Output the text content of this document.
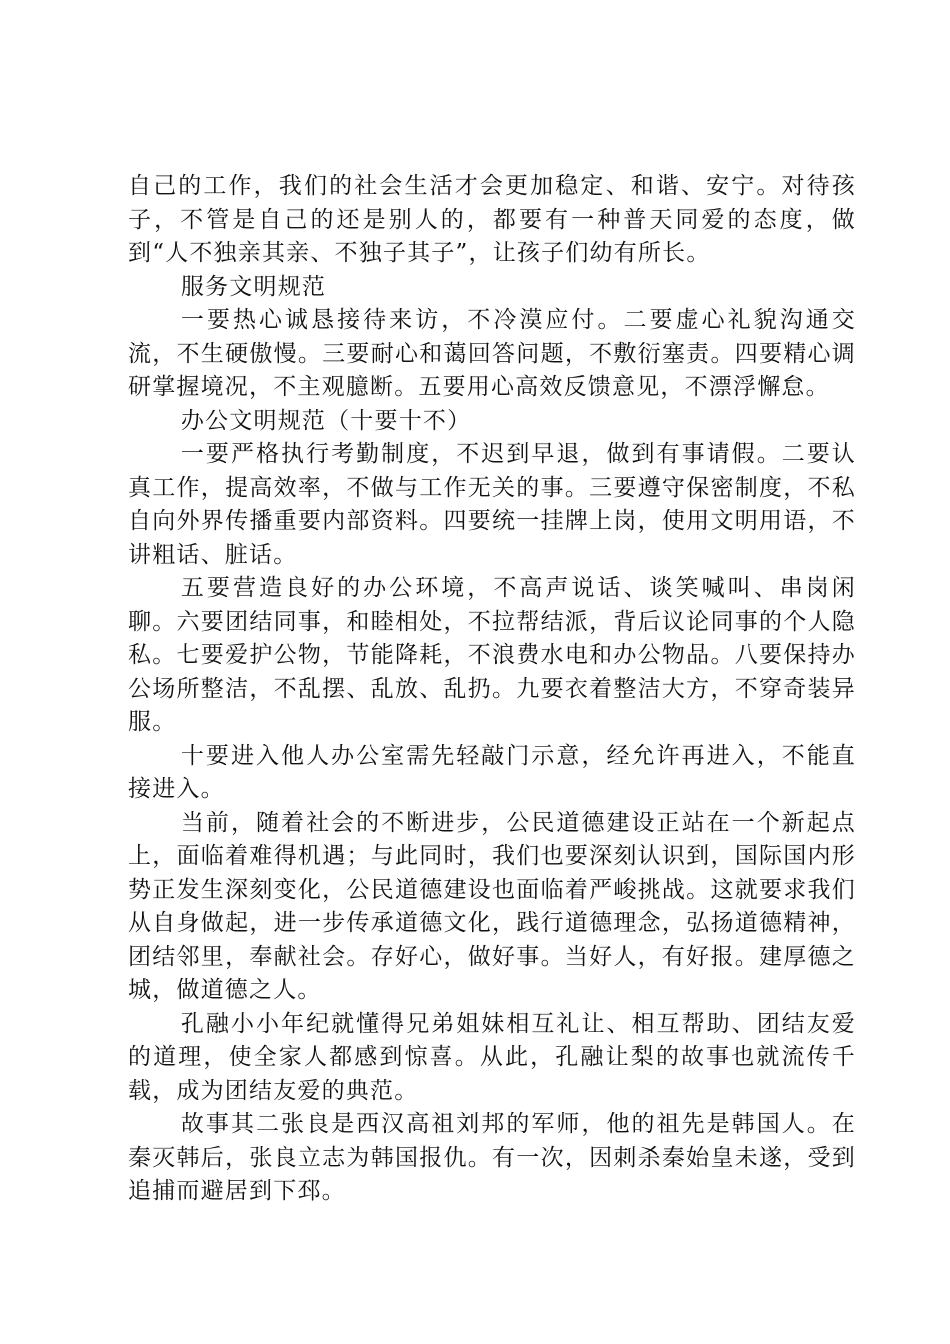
自己的工作，我们的社会生活才会更加稳定、和谐、安宁。对待孩子，不管是自己的还是别人的，都要有一种普天同爱的态度，做到“人不独亲其亲、不独子其子”，让孩子们幼有所长。

服务文明规范

一要热心诚恳接待来访，不冷漠应付。二要虚心礼貌沟通交流，不生硬傲慢。三要耐心和蔼回答问题，不敷衍塞责。四要精心调研掌握境况，不主观臆断。五要用心高效反馈意见，不漂浮懈怠。

办公文明规范（十要十不）

一要严格执行考勤制度，不迟到早退，做到有事请假。二要认真工作，提高效率，不做与工作无关的事。三要遵守保密制度，不私自向外界传播重要内部资料。四要统一挂牌上岗，使用文明用语，不讲粗话、脏话。

五要营造良好的办公环境，不高声说话、谈笑喊叫、串岗闲聊。六要团结同事，和睦相处，不拉帮结派，背后议论同事的个人隐私。七要爱护公物，节能降耗，不浪费水电和办公物品。八要保持办公场所整洁，不乱摆、乱放、乱扔。九要衣着整洁大方，不穿奇装异服。

十要进入他人办公室需先轻敲门示意，经允许再进入，不能直接进入。

当前，随着社会的不断进步，公民道德建设正站在一个新起点上，面临着难得机遇；与此同时，我们也要深刻认识到，国际国内形势正发生深刻变化，公民道德建设也面临着严峻挑战。这就要求我们从自身做起，进一步传承道德文化，践行道德理念，弘扬道德精神，团结邻里，奉献社会。存好心，做好事。当好人，有好报。建厚德之城，做道德之人。

孔融小小年纪就懂得兄弟姐妹相互礼让、相互帮助、团结友爱的道理，使全家人都感到惊喜。从此，孔融让梨的故事也就流传千载，成为团结友爱的典范。

故事其二张良是西汉高祖刘邦的军师，他的祖先是韩国人。在秦灭韩后，张良立志为韩国报仇。有一次，因刺杀秦始皇未遂，受到追捕而避居到下邳。
